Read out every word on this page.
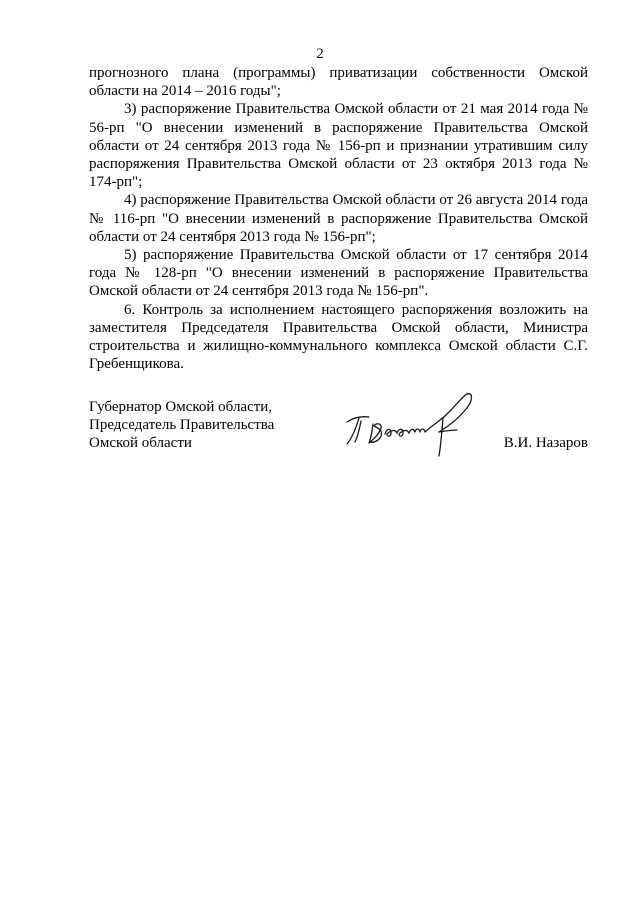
2

прогнозного плана (программы) приватизации собственности Омской области на 2014 – 2016 годы";

3) распоряжение Правительства Омской области от 21 мая 2014 года № 56-рп "О внесении изменений в распоряжение Правительства Омской области от 24 сентября 2013 года № 156-рп и признании утратившим силу распоряжения Правительства Омской области от 23 октября 2013 года № 174-рп";

4) распоряжение Правительства Омской области от 26 августа 2014 года № 116-рп "О внесении изменений в распоряжение Правительства Омской области от 24 сентября 2013 года № 156-рп";

5) распоряжение Правительства Омской области от 17 сентября 2014 года № 128-рп "О внесении изменений в распоряжение Правительства Омской области от 24 сентября 2013 года № 156-рп".

6. Контроль за исполнением настоящего распоряжения возложить на заместителя Председателя Правительства Омской области, Министра строительства и жилищно-коммунального комплекса Омской области С.Г. Гребенщикова.

Губернатор Омской области,
Председатель Правительства
Омской области	В.И. Назаров
